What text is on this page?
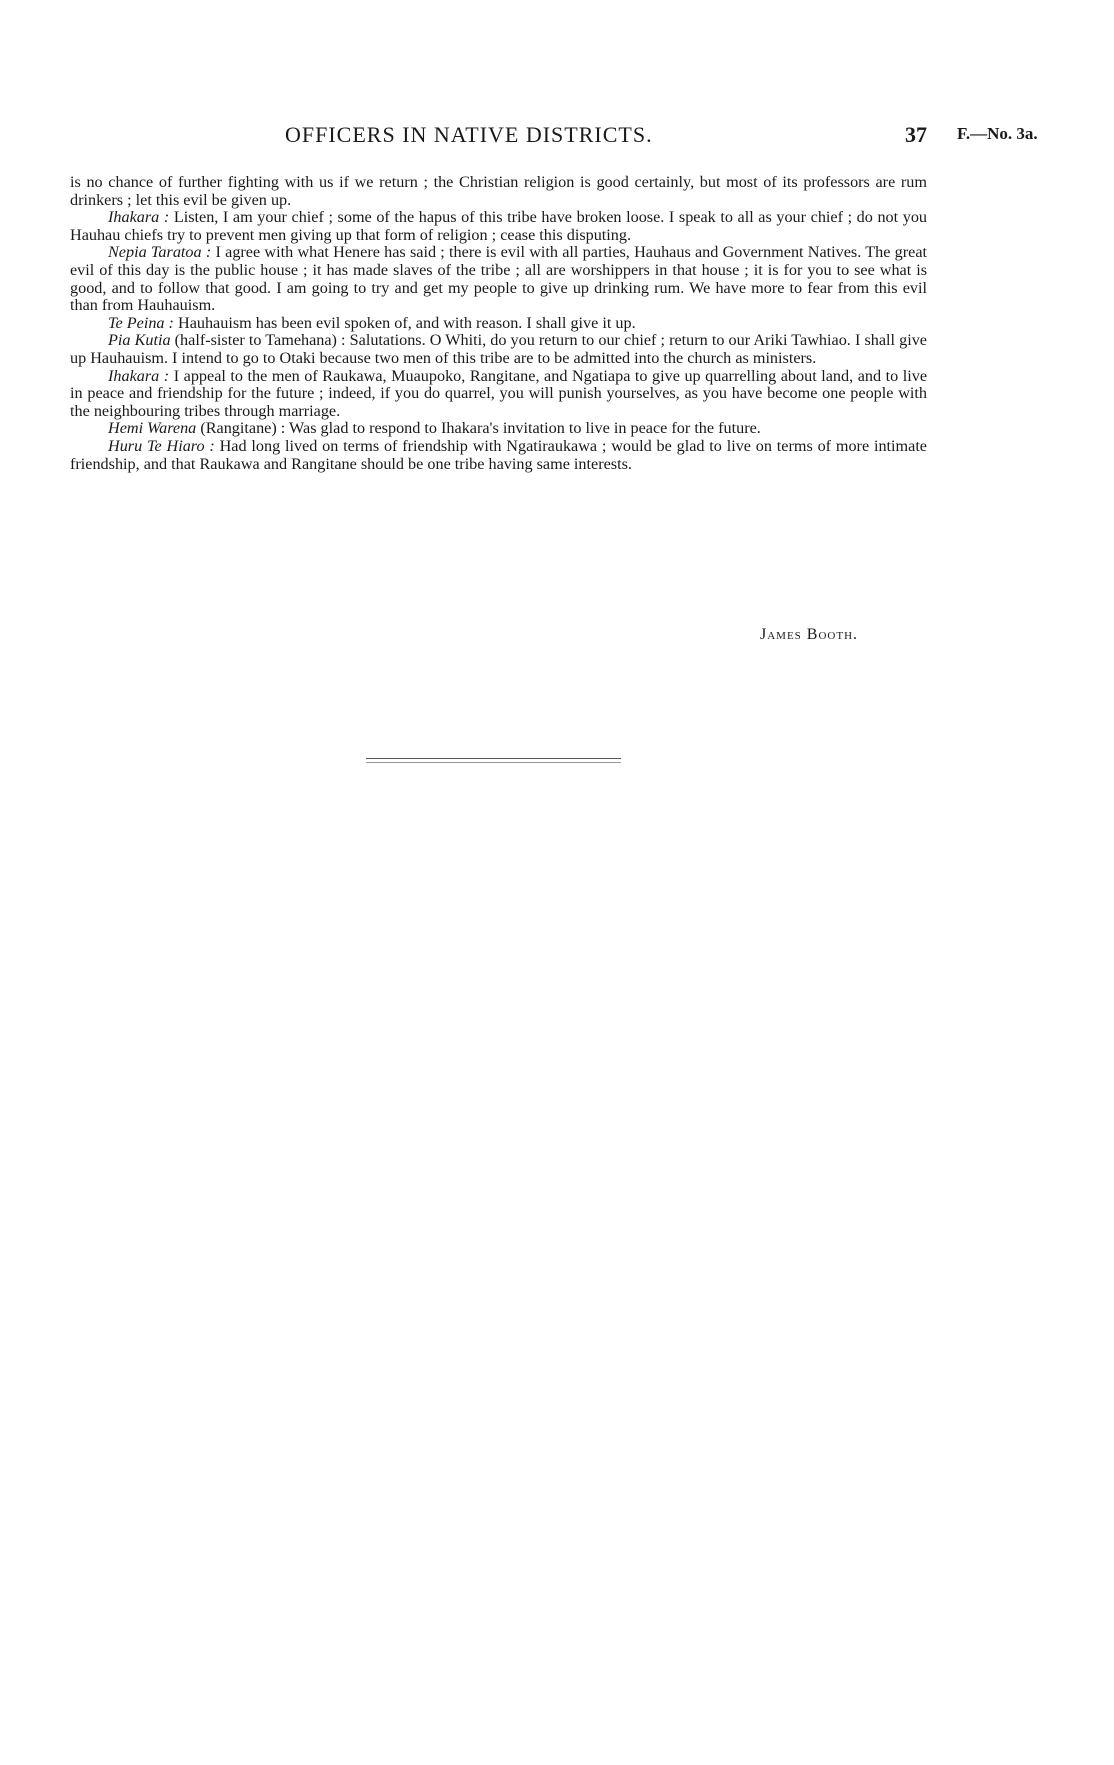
OFFICERS IN NATIVE DISTRICTS.	37 F.—No. 3a.

is no chance of further fighting with us if we return ; the Christian religion is good certainly, but most of its professors are rum drinkers ; let this evil be given up.

Ihakara : Listen, I am your chief ; some of the hapus of this tribe have broken loose. I speak to all as your chief ; do not you Hauhau chiefs try to prevent men giving up that form of religion ; cease this disputing.

Nepia Taratoa : I agree with what Henere has said ; there is evil with all parties, Hauhaus and Government Natives. The great evil of this day is the public house ; it has made slaves of the tribe ; all are worshippers in that house ; it is for you to see what is good, and to follow that good. I am going to try and get my people to give up drinking rum. We have more to fear from this evil than from Hauhauism.

Te Peina : Hauhauism has been evil spoken of, and with reason. I shall give it up.

Pia Kutia (half-sister to Tamehana) : Salutations. O Whiti, do you return to our chief ; return to our Ariki Tawhiao. I shall give up Hauhauism. I intend to go to Otaki because two men of this tribe are to be admitted into the church as ministers.

Ihakara : I appeal to the men of Raukawa, Muaupoko, Rangitane, and Ngatiapa to give up quarrelling about land, and to live in peace and friendship for the future ; indeed, if you do quarrel, you will punish yourselves, as you have become one people with the neighbouring tribes through marriage.

Hemi Warena (Rangitane) : Was glad to respond to Ihakara's invitation to live in peace for the future.

Huru Te Hiaro : Had long lived on terms of friendship with Ngatiraukawa ; would be glad to live on terms of more intimate friendship, and that Raukawa and Rangitane should be one tribe having same interests.

James Booth.
